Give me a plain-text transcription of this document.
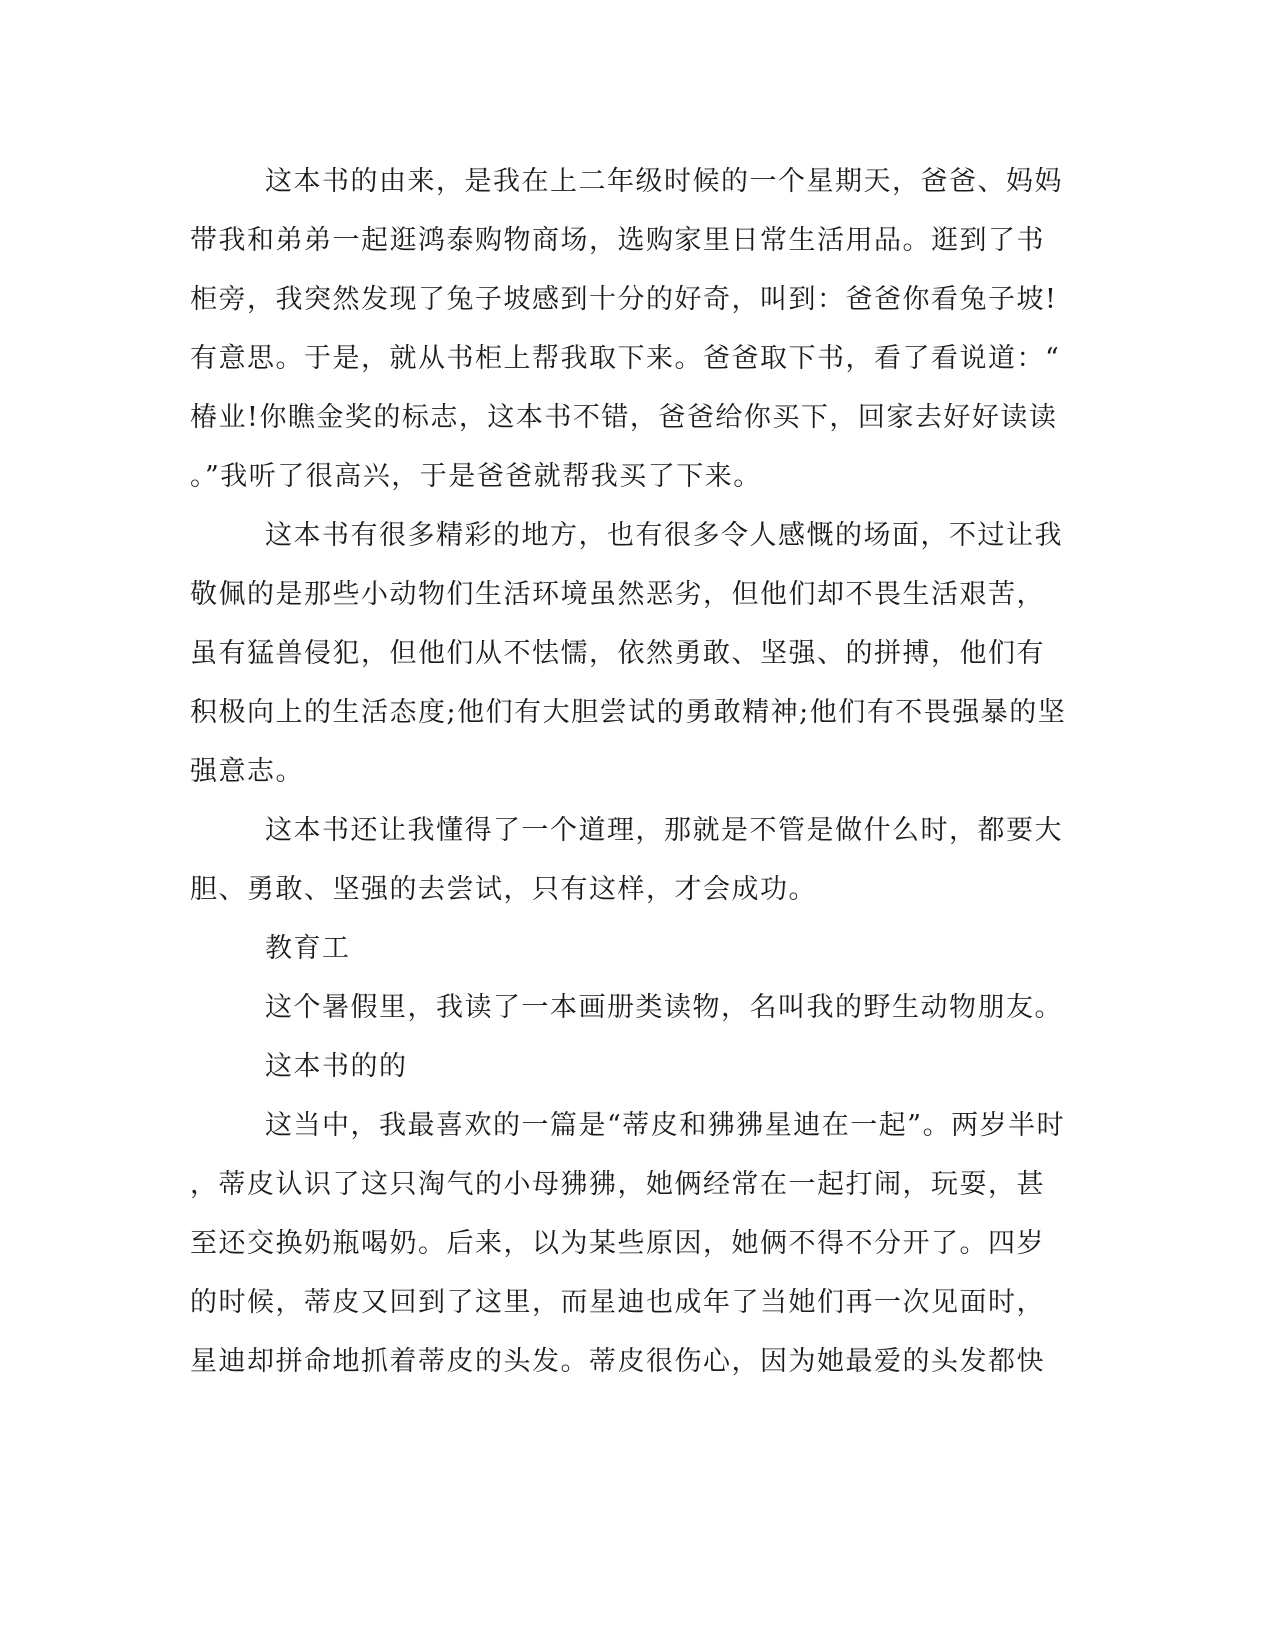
这本书的由来，是我在上二年级时候的一个星期天，爸爸、妈妈
带我和弟弟一起逛鸿泰购物商场，选购家里日常生活用品。逛到了书
柜旁，我突然发现了兔子坡感到十分的好奇，叫到：爸爸你看兔子坡!
有意思。于是，就从书柜上帮我取下来。爸爸取下书，看了看说道：“
椿业!你瞧金奖的标志，这本书不错，爸爸给你买下，回家去好好读读
。”我听了很高兴，于是爸爸就帮我买了下来。
这本书有很多精彩的地方，也有很多令人感慨的场面，不过让我
敬佩的是那些小动物们生活环境虽然恶劣，但他们却不畏生活艰苦，
虽有猛兽侵犯，但他们从不怯懦，依然勇敢、坚强、的拼搏，他们有
积极向上的生活态度;他们有大胆尝试的勇敢精神;他们有不畏强暴的坚
强意志。
这本书还让我懂得了一个道理，那就是不管是做什么时，都要大
胆、勇敢、坚强的去尝试，只有这样，才会成功。
教育工
这个暑假里，我读了一本画册类读物，名叫我的野生动物朋友。
这本书的的
这当中，我最喜欢的一篇是“蒂皮和狒狒星迪在一起”。两岁半时
，蒂皮认识了这只淘气的小母狒狒，她俩经常在一起打闹，玩耍，甚
至还交换奶瓶喝奶。后来，以为某些原因，她俩不得不分开了。四岁
的时候，蒂皮又回到了这里，而星迪也成年了当她们再一次见面时，
星迪却拼命地抓着蒂皮的头发。蒂皮很伤心，因为她最爱的头发都快
